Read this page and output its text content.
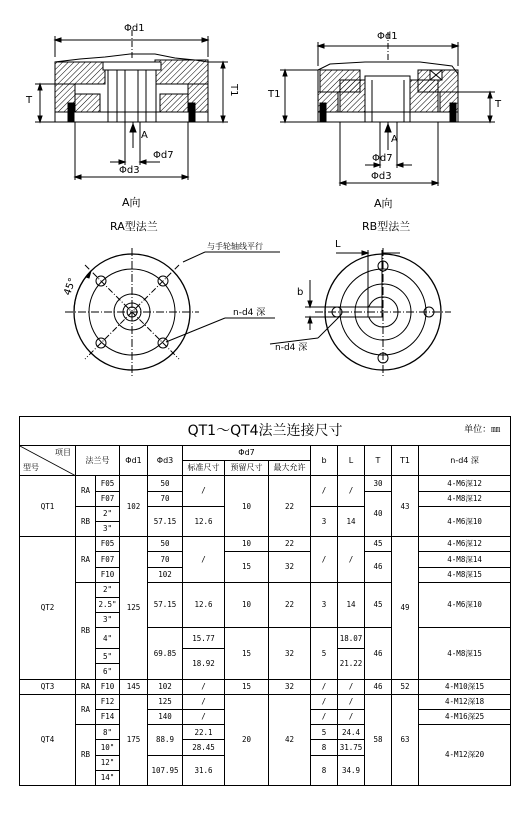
Φd1
T
T1
A
Φd7
Φd3
A向
Φd1
T1
T
A
Φd7
Φd3
A向
RA型法兰
45°
与手轮轴线平行
n-d4 深
RB型法兰
L
b
n-d4 深
QT1～QT4法兰连接尺寸 单位：㎜												

项目
型号	法兰号		Φd1	Φd3	Φd7			b	L	T	T1	n-d4 深
					标准尺寸	预留尺寸	最大允许					
QT1	RA	F05	102	50	/	10	22	/	/	30	43	4-M6深12
		F07		70						40		4-M8深12
	RB	2"		57.15	12.6			3	14			4-M6深10
		3"										
QT2	RA	F05	125	50	/	10	22	/	/	45	49	4-M6深12
		F07		70		15	32			46		4-M8深14
		F10		102								4-M8深15
	RB	2"		57.15	12.6	10	22	3	14	45		4-M6深10
		2.5"										
		3"										
		4"		69.85	15.77	15	32	5	18.07	46		4-M8深15
		5"			18.92				21.22			
		6"										
QT3	RA	F10	145	102	/	15	32	/	/	46	52	4-M10深15
QT4	RA	F12	175	125	/	20	42	/	/	58	63	4-M12深18
		F14		140	/			/	/			4-M16深25
	RB	8"		88.9	22.1			5	24.4			4-M12深20
		10"			28.45			8	31.75			
		12"		107.95	31.6			8	34.9			
		14"										
